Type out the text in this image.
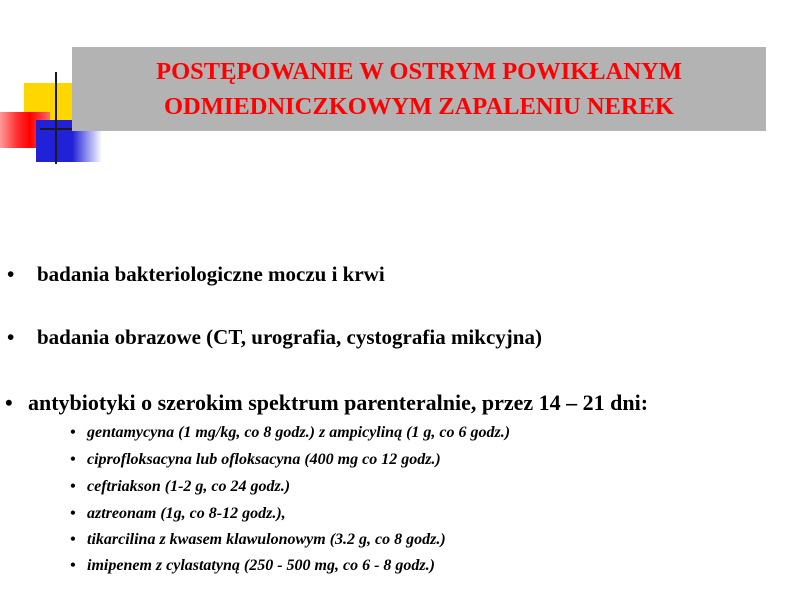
POSTĘPOWANIE W OSTRYM POWIKŁANYM
ODMIEDNICZKOWYM ZAPALENIU NEREK
• badania bakteriologiczne moczu i krwi
• badania obrazowe (CT, urografia, cystografia mikcyjna)
• antybiotyki o szerokim spektrum parenteralnie, przez 14 – 21 dni:
• gentamycyna (1 mg/kg, co 8 godz.) z ampicyliną (1 g, co 6 godz.)
• ciprofloksacyna lub ofloksacyna (400 mg co 12 godz.)
• ceftriakson (1-2 g, co 24 godz.)
• aztreonam (1g, co 8-12 godz.),
• tikarcilina z kwasem klawulonowym (3.2 g, co 8 godz.)
• imipenem z cylastatyną (250 - 500 mg, co 6 - 8 godz.)
